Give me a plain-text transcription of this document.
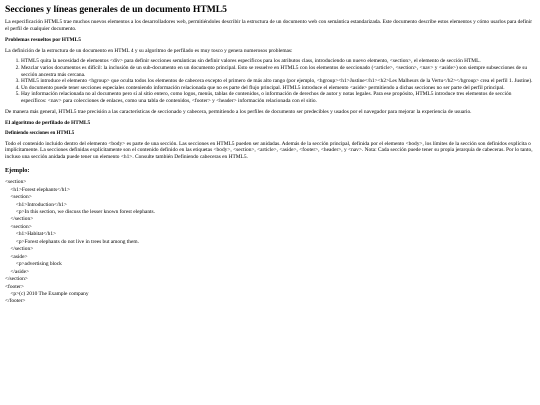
Secciones y líneas generales de un documento HTML5

La especificación HTML5 trae muchos nuevos elementos a los desarrolladores web, permitiéndoles describir la estructura de un documento web con semántica estandarizada. Este documento describe estos elementos y cómo usarlos para definir el perfil de cualquier documento.

Problemas resueltos por HTML5

La definición de la estructura de un documento en HTML 4 y su algoritmo de perfilado es muy tosco y genera numerosos problemas:

1. HTML5 quita la necesidad de elementos <div> para definir secciones semánticas sin definir valores específicos para los atributos class, introduciendo un nuevo elemento, <section>, el elemento de sección HTML.
2. Mezclar varios documentos es difícil: la inclusión de un sub-documento en un documento principal. Esto se resuelve en HTML5 con los elementos de seccionado (<article>, <section>, <nav> y <aside>) son siempre subsecciones de su sección ancestra más cercana.
3. HTML5 introduce el elemento <hgroup> que oculta todos los elementos de cabecera excepto el primero de más alto rango (por ejemplo, <hgroup><h1>Justine</h1><h2>Les Malheurs de la Vertu</h2></hgroup> crea el perfil 1. Justine).
4. Un documento puede tener secciones especiales conteniendo información relacionada que no es parte del flujo principal. HTML5 introduce el elemento <aside> permitiendo a dichas secciones no ser parte del perfil principal.
5. Hay información relacionada no al documento pero sí al sitio entero, como logos, menús, tablas de contenidos, o información de derechos de autor y notas legales. Para ese propósito, HTML5 introduce tres elementos de sección específicos: <nav> para colecciones de enlaces, como una tabla de contenidos, <footer> y <header> información relacionada con el sitio.

De manera más general, HTML5 trae precisión a las características de seccionado y cabecera, permitiendo a los perfiles de documento ser predecibles y usados por el navegador para mejorar la experiencia de usuario.

El algoritmo de perfilado de HTML5
Definiendo secciones en HTML5

Todo el contenido incluido dentro del elemento <body> es parte de una sección. Las secciones en HTML5 pueden ser anidadas. Además de la sección principal, definida por el elemento <body>, los límites de la sección son definidos explícita o implícitamente. La secciones definidas explícitamente son el contenido definido en las etiquetas <body>, <section>, <article>, <aside>, <footer>, <header>, y <nav>. Nota: Cada sección puede tener su propia jerarquía de cabeceras. Por lo tanto, incluso una sección anidada puede tener un elemento <h1>. Consulte también Definiendo cabeceras en HTML5.

Ejemplo:
<section>
<h1>Forest elephants</h1>
<section>
<h1>Introduction</h1>
<p>In this section, we discuss the lesser known forest elephants.
</section>
<section>
<h1>Habitat</h1>
<p>Forest elephants do not live in trees but among them.
</section>
<aside>
<p>advertising block
</aside>
</section>
<footer>
<p>(c) 2010 The Example company
</footer>
